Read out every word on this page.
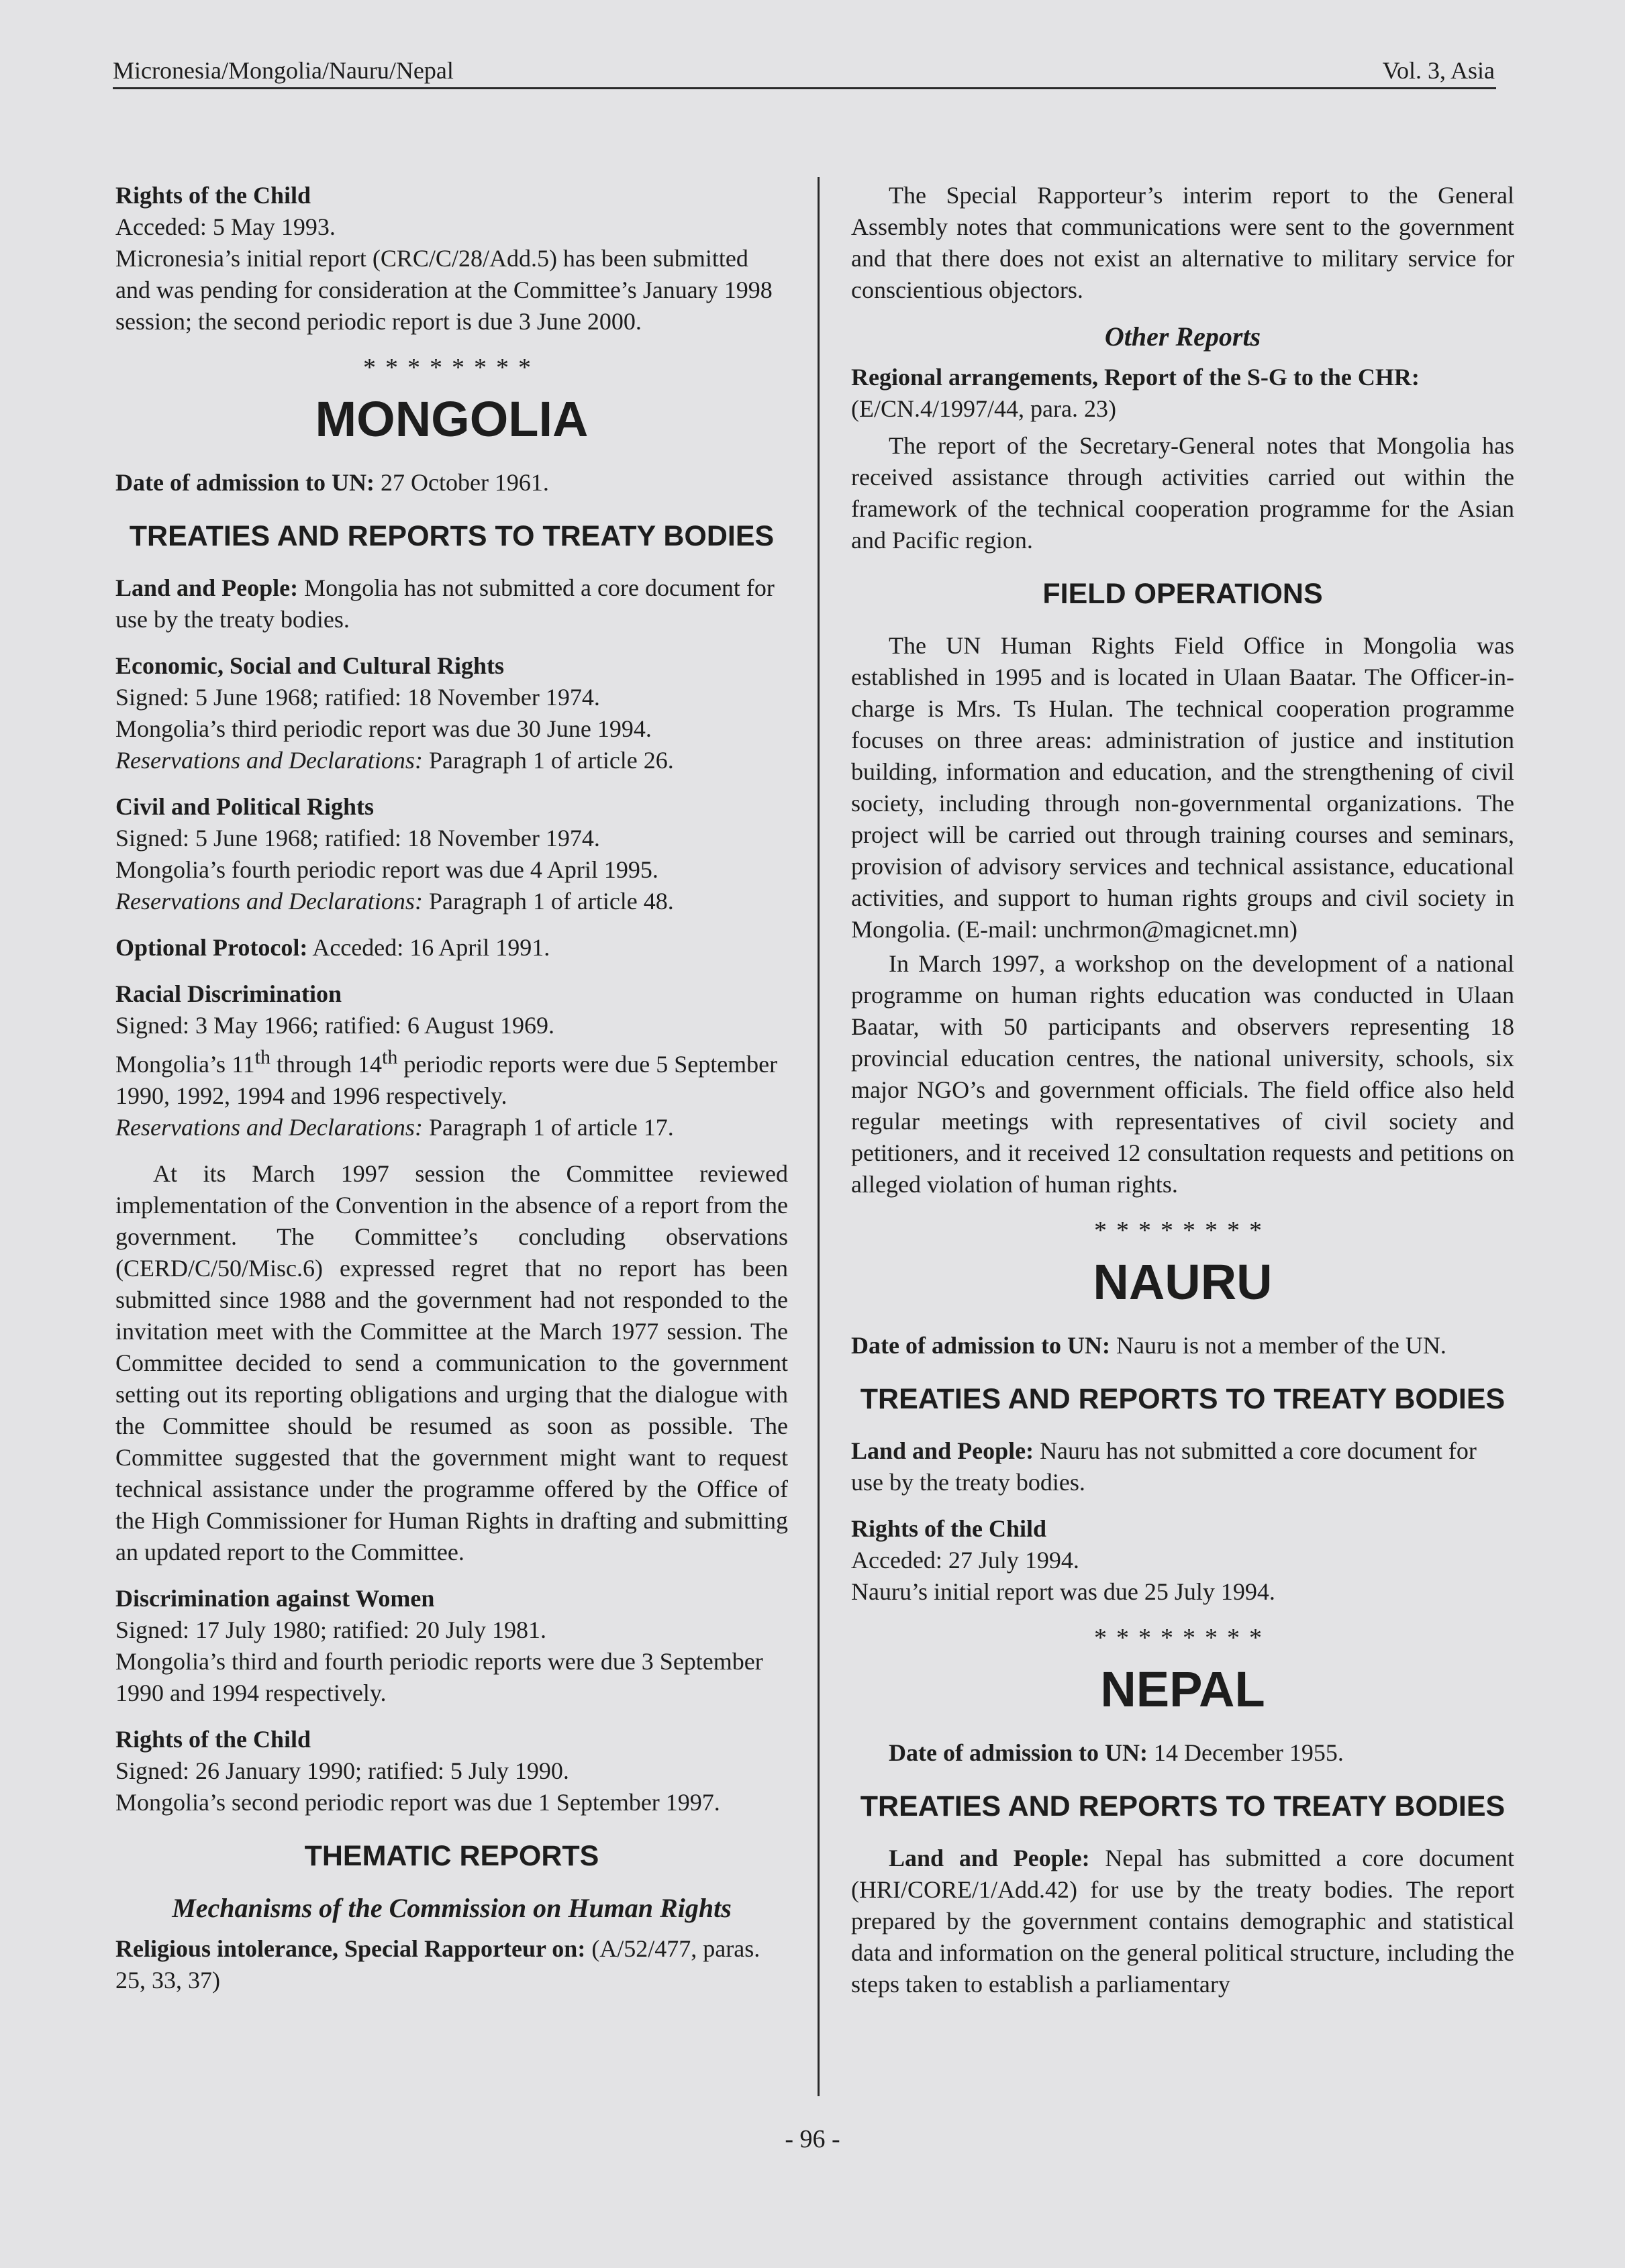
Micronesia/Mongolia/Nauru/Nepal	Vol. 3, Asia
Rights of the Child
Acceded: 5 May 1993.
Micronesia’s initial report (CRC/C/28/Add.5) has been submitted and was pending for consideration at the Committee’s January 1998 session; the second periodic report is due 3 June 2000.
********
MONGOLIA
Date of admission to UN: 27 October 1961.
TREATIES AND REPORTS TO TREATY BODIES
Land and People: Mongolia has not submitted a core document for use by the treaty bodies.
Economic, Social and Cultural Rights
Signed: 5 June 1968; ratified: 18 November 1974.
Mongolia’s third periodic report was due 30 June 1994.
Reservations and Declarations: Paragraph 1 of article 26.
Civil and Political Rights
Signed: 5 June 1968; ratified: 18 November 1974.
Mongolia’s fourth periodic report was due 4 April 1995.
Reservations and Declarations: Paragraph 1 of article 48.
Optional Protocol: Acceded: 16 April 1991.
Racial Discrimination
Signed: 3 May 1966; ratified: 6 August 1969.
Mongolia’s 11th through 14th periodic reports were due 5 September 1990, 1992, 1994 and 1996 respectively.
Reservations and Declarations: Paragraph 1 of article 17.
At its March 1997 session the Committee reviewed implementation of the Convention in the absence of a report from the government. The Committee’s concluding observations (CERD/C/50/Misc.6) expressed regret that no report has been submitted since 1988 and the government had not responded to the invitation meet with the Committee at the March 1977 session. The Committee decided to send a communication to the government setting out its reporting obligations and urging that the dialogue with the Committee should be resumed as soon as possible. The Committee suggested that the government might want to request technical assistance under the programme offered by the Office of the High Commissioner for Human Rights in drafting and submitting an updated report to the Committee.
Discrimination against Women
Signed: 17 July 1980; ratified: 20 July 1981.
Mongolia’s third and fourth periodic reports were due 3 September 1990 and 1994 respectively.
Rights of the Child
Signed: 26 January 1990; ratified: 5 July 1990.
Mongolia’s second periodic report was due 1 September 1997.
THEMATIC REPORTS
Mechanisms of the Commission on Human Rights
Religious intolerance, Special Rapporteur on: (A/52/477, paras. 25, 33, 37)
The Special Rapporteur’s interim report to the General Assembly notes that communications were sent to the government and that there does not exist an alternative to military service for conscientious objectors.
Other Reports
Regional arrangements, Report of the S-G to the CHR: (E/CN.4/1997/44, para. 23)
The report of the Secretary-General notes that Mongolia has received assistance through activities carried out within the framework of the technical cooperation programme for the Asian and Pacific region.
FIELD OPERATIONS
The UN Human Rights Field Office in Mongolia was established in 1995 and is located in Ulaan Baatar. The Officer-in-charge is Mrs. Ts Hulan. The technical cooperation programme focuses on three areas: administration of justice and institution building, information and education, and the strengthening of civil society, including through non-governmental organizations. The project will be carried out through training courses and seminars, provision of advisory services and technical assistance, educational activities, and support to human rights groups and civil society in Mongolia. (E-mail: unchrmon@magicnet.mn)
In March 1997, a workshop on the development of a national programme on human rights education was conducted in Ulaan Baatar, with 50 participants and observers representing 18 provincial education centres, the national university, schools, six major NGO’s and government officials. The field office also held regular meetings with representatives of civil society and petitioners, and it received 12 consultation requests and petitions on alleged violation of human rights.
********
NAURU
Date of admission to UN: Nauru is not a member of the UN.
TREATIES AND REPORTS TO TREATY BODIES
Land and People: Nauru has not submitted a core document for use by the treaty bodies.
Rights of the Child
Acceded: 27 July 1994.
Nauru’s initial report was due 25 July 1994.
********
NEPAL
Date of admission to UN: 14 December 1955.
TREATIES AND REPORTS TO TREATY BODIES
Land and People: Nepal has submitted a core document (HRI/CORE/1/Add.42) for use by the treaty bodies. The report prepared by the government contains demographic and statistical data and information on the general political structure, including the steps taken to establish a parliamentary
- 96 -
